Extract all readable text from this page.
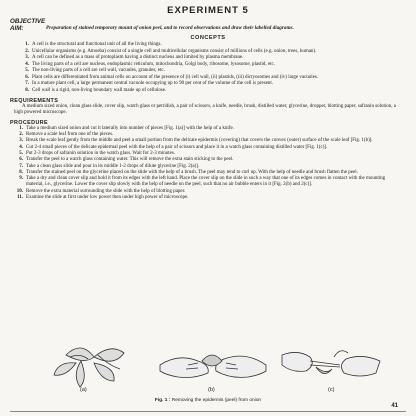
EXPERIMENT 5
OBJECTIVE
AIM:	Preparation of stained temporary mount of onion peel, and to record observations and draw their labelled diagrams.
CONCEPTS
1. A cell is the structural and functional unit of all the living things.
2. Unicellular organisms (e.g. Amoeba) consist of a single cell and multicellular organisms consist of millions of cells (e.g. onion, trees, human).
3. A cell can be defined as a mass of protoplasm having a distinct nucleus and limited by plasma membrane.
4. The living parts of a cell are nucleus, endoplasmic reticulum, mitochondria, Golgi body, ribosome, lysosome, plastid, etc.
5. The non-living parts of a cell are cell wall, vacuoles, granules, etc.
6. Plant cells are differentiated from animal cells on account of the presence of (i) cell wall, (ii) plastids, (iii) dictyosomes and (iv) large vacuoles.
7. In a mature plant cell, a large permanent central vacuole occupying up to 90 per cent of the volume of the cell is present.
8. Cell wall is a rigid, non-living boundary wall made up of cellulose.
REQUIREMENTS
A medium sized onion, clean glass slide, cover slip, watch glass or petridish, a pair of scissors, a knife, needle, brush, distilled water, glycerine, dropper, blotting paper, safranin solution, a high powered microscope.
PROCEDURE
1. Take a medium sized onion and cut it laterally into number of pieces [Fig. 1(a)] with the help of a knife.
2. Remove a scale leaf from one of the pieces.
3. Break the scale leaf gently from the middle and peel a small portion from the delicate epidermis (covering) that covers the convex (outer) surface of the scale leaf [Fig. 1(b)].
4. Cut 2-4 small pieces of the delicate epidermal peel with the help of a pair of scissors and place it in a watch glass containing distilled water [Fig. 1(c)].
5. Put 2-3 drops of safranin solution in the watch glass. Wait for 2-3 minutes.
6. Transfer the peel to a watch glass containing water. This will remove the extra stain sticking to the peel.
7. Take a clean glass slide and pour in its middle 1-2 drops of dilute glycerine [Fig. 2(a)].
8. Transfer the stained peel on the glycerine placed on the slide with the help of a brush. The peel may tend to curl up. With the help of needle and brush flatten the peel.
9. Take a dry and clean cover slip and hold it from its edges with the left hand. Place the cover slip on the slide in such a way that one of its edges comes in contact with the mounting material, i.e., glycerine. Lower the cover slip slowly with the help of needle on the peel, such that no air bubble enters in it [Fig. 2(b) and 2(c)].
10. Remove the extra material surrounding the slide with the help of blotting paper.
11. Examine the slide at first under low power then under high power of microscope.
(a)	(b)	(c)
Fig. 1 : Removing the epidermis (peel) from onion
41
